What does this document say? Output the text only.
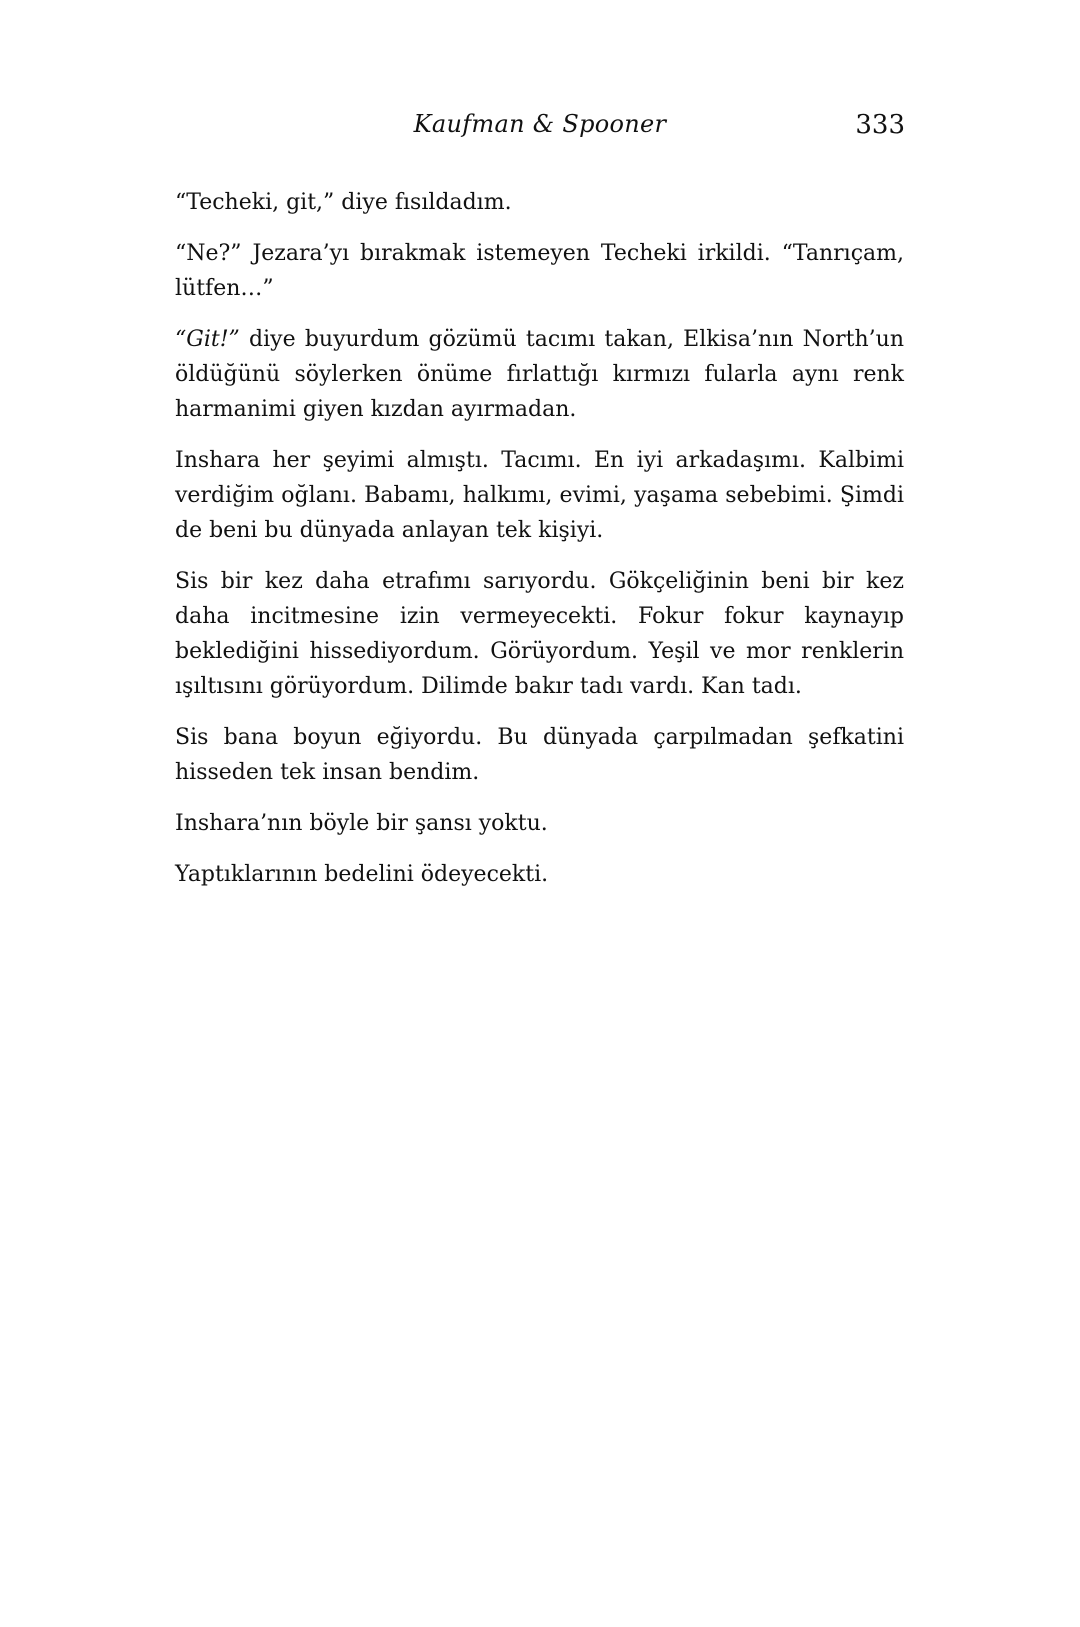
Kaufman & Spooner	333

“Techeki, git,” diye fısıldadım.

“Ne?” Jezara’yı bırakmak istemeyen Techeki irkildi. “Tanrıçam, lütfen…”

“Git!” diye buyurdum gözümü tacımı takan, Elkisa’nın North’un öldüğünü söylerken önüme fırlattığı kırmızı fularla aynı renk harmanimi giyen kızdan ayırmadan.

Inshara her şeyimi almıştı. Tacımı. En iyi arkadaşımı. Kalbimi verdiğim oğlanı. Babamı, halkımı, evimi, yaşama sebebimi. Şimdi de beni bu dünyada anlayan tek kişiyi.

Sis bir kez daha etrafımı sarıyordu. Gökçeliğinin beni bir kez daha incitmesine izin vermeyecekti. Fokur fokur kaynayıp beklediğini hissediyordum. Görüyordum. Yeşil ve mor renklerin ışıltısını görüyordum. Dilimde bakır tadı vardı. Kan tadı.

Sis bana boyun eğiyordu. Bu dünyada çarpılmadan şefkatini hisseden tek insan bendim.

Inshara’nın böyle bir şansı yoktu.

Yaptıklarının bedelini ödeyecekti.
